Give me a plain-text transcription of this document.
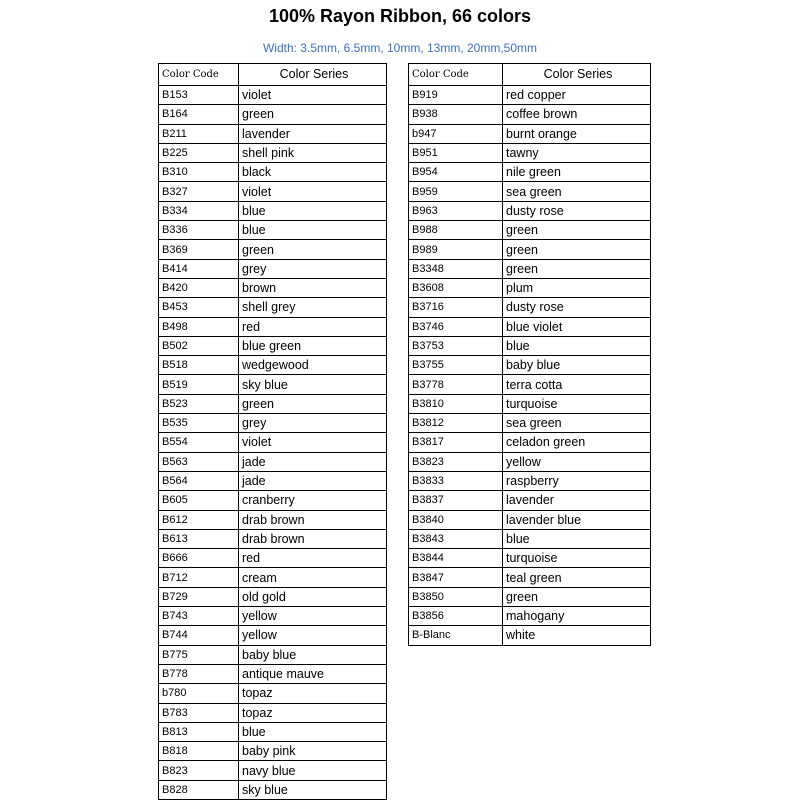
100% Rayon Ribbon, 66 colors
Width: 3.5mm, 6.5mm, 10mm, 13mm, 20mm,50mm
Color Code	Color Series
B153	violet
B164	green
B211	lavender
B225	shell pink
B310	black
B327	violet
B334	blue
B336	blue
B369	green
B414	grey
B420	brown
B453	shell grey
B498	red
B502	blue green
B518	wedgewood
B519	sky blue
B523	green
B535	grey
B554	violet
B563	jade
B564	jade
B605	cranberry
B612	drab brown
B613	drab brown
B666	red
B712	cream
B729	old gold
B743	yellow
B744	yellow
B775	baby blue
B778	antique mauve
b780	topaz
B783	topaz
B813	blue
B818	baby pink
B823	navy blue
B828	sky blue
Color Code	Color Series
B919	red copper
B938	coffee brown
b947	burnt orange
B951	tawny
B954	nile green
B959	sea green
B963	dusty rose
B988	green
B989	green
B3348	green
B3608	plum
B3716	dusty rose
B3746	blue violet
B3753	blue
B3755	baby blue
B3778	terra cotta
B3810	turquoise
B3812	sea green
B3817	celadon green
B3823	yellow
B3833	raspberry
B3837	lavender
B3840	lavender blue
B3843	blue
B3844	turquoise
B3847	teal green
B3850	green
B3856	mahogany
B-Blanc	white
